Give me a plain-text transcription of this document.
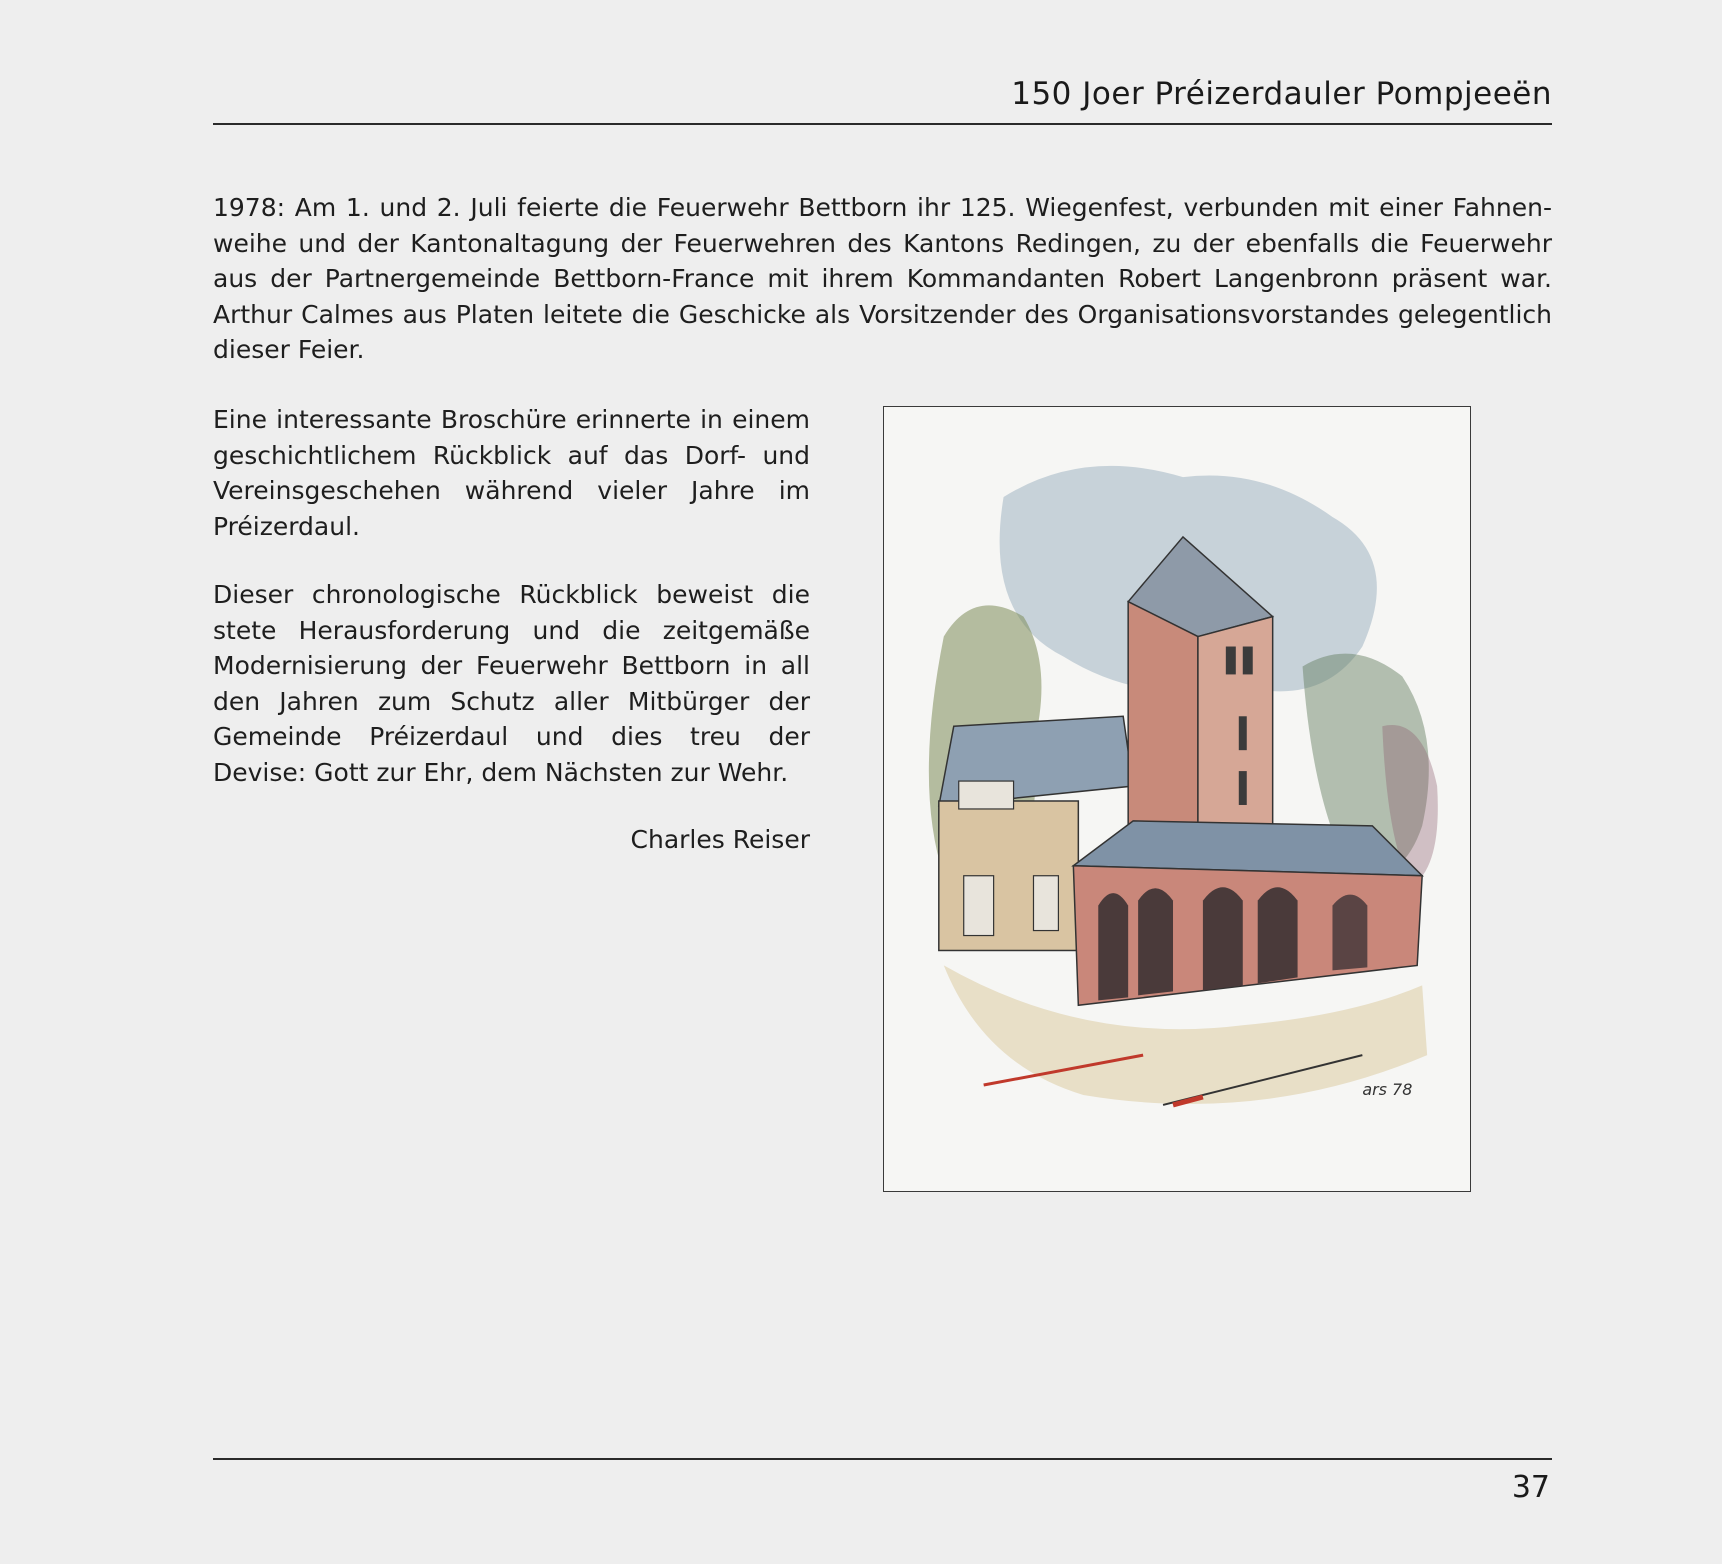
150 Joer Préizerdauler Pompjeeën

1978: Am 1. und 2. Juli feierte die Feuerwehr Bettborn ihr 125. Wiegenfest, verbunden mit einer Fahnen-weihe und der Kantonaltagung der Feuerwehren des Kantons Redingen, zu der ebenfalls die Feuerwehr aus der Partnergemeinde Bettborn-France mit ihrem Kommandanten Robert Langenbronn präsent war. Arthur Calmes aus Platen leitete die Geschicke als Vorsitzender des Organisationsvorstandes gelegentlich dieser Feier.

Eine interessante Broschüre erinnerte in einem geschichtlichem Rückblick auf das Dorf- und Vereinsgeschehen während vieler Jahre im Préizerdaul.

Dieser chronologische Rückblick beweist die stete Herausforderung und die zeitgemäße Modernisierung der Feuerwehr Bettborn in all den Jahren zum Schutz aller Mitbürger der Gemeinde Préizerdaul und dies treu der Devise: Gott zur Ehr, dem Nächsten zur Wehr.

Charles Reiser
ars 78
37
